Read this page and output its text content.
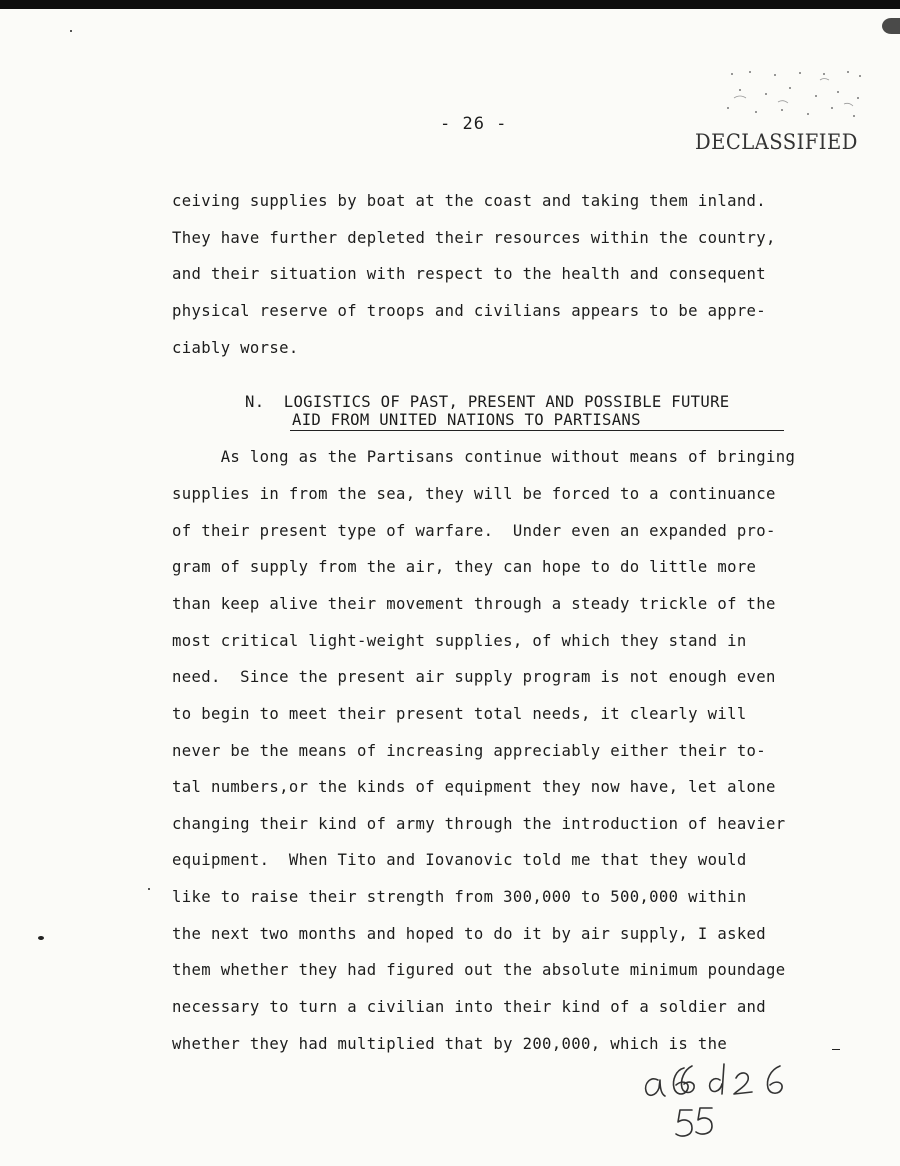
- 26 -
DECLASSIFIED
ceiving supplies by boat at the coast and taking them inland.
They have further depleted their resources within the country,
and their situation with respect to the health and consequent
physical reserve of troops and civilians appears to be appre-
ciably worse.
N. LOGISTICS OF PAST, PRESENT AND POSSIBLE FUTURE
AID FROM UNITED NATIONS TO PARTISANS
As long as the Partisans continue without means of bringing
supplies in from the sea, they will be forced to a continuance
of their present type of warfare.  Under even an expanded pro-
gram of supply from the air, they can hope to do little more
than keep alive their movement through a steady trickle of the
most critical light-weight supplies, of which they stand in
need.  Since the present air supply program is not enough even
to begin to meet their present total needs, it clearly will
never be the means of increasing appreciably either their to-
tal numbers,or the kinds of equipment they now have, let alone
changing their kind of army through the introduction of heavier
equipment.  When Tito and Iovanovic told me that they would
like to raise their strength from 300,000 to 500,000 within
the next two months and hoped to do it by air supply, I asked
them whether they had figured out the absolute minimum poundage
necessary to turn a civilian into their kind of a soldier and
whether they had multiplied that by 200,000, which is the
